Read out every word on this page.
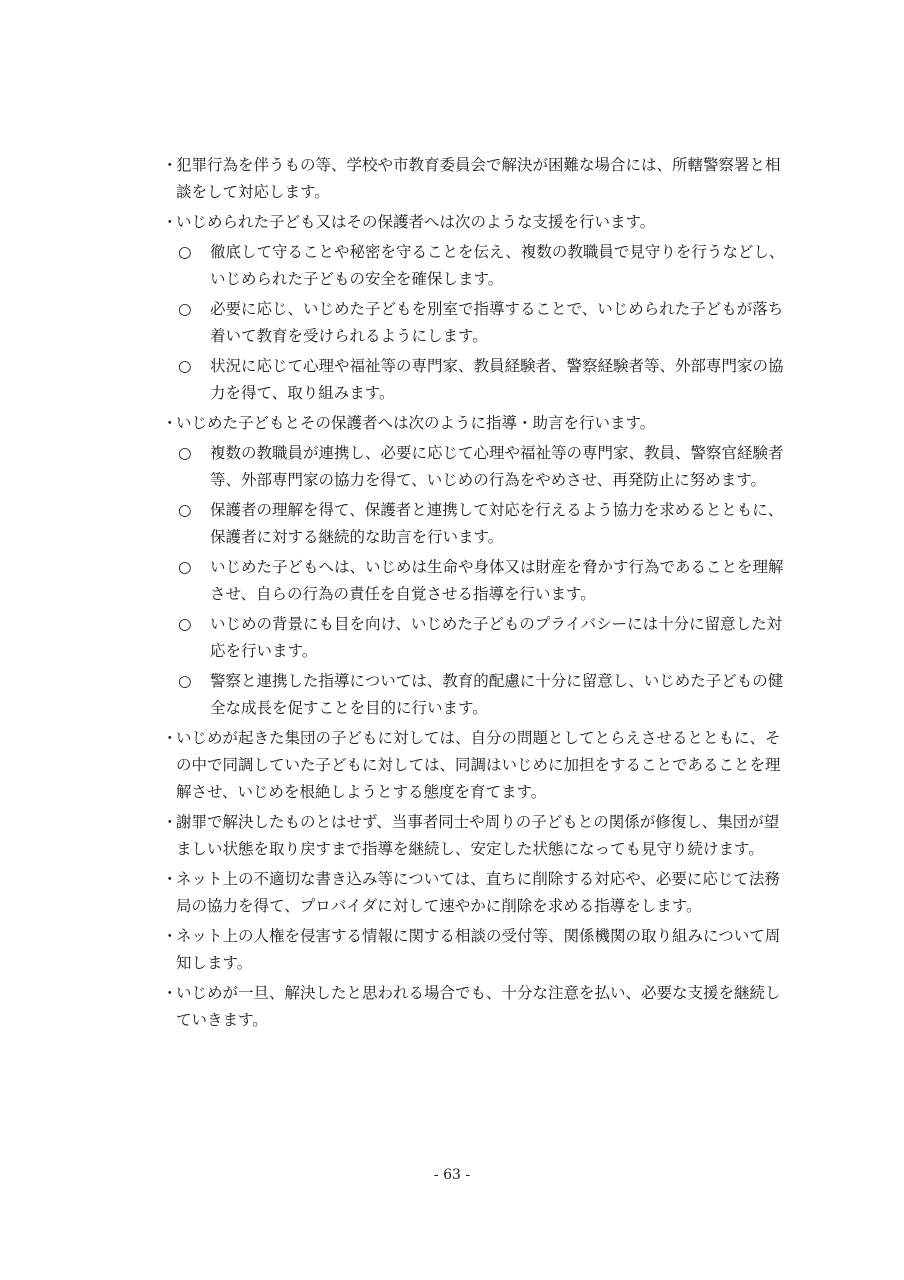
・
犯罪行為を伴うもの等、学校や市教育委員会で解決が困難な場合には、所轄警察署と相談をして対応します。
・
いじめられた子ども又はその保護者へは次のような支援を行います。
○	徹底して守ることや秘密を守ることを伝え、複数の教職員で見守りを行うなどし、いじめられた子どもの安全を確保します。
○	必要に応じ、いじめた子どもを別室で指導することで、いじめられた子どもが落ち着いて教育を受けられるようにします。
○	状況に応じて心理や福祉等の専門家、教員経験者、警察経験者等、外部専門家の協力を得て、取り組みます。
・
いじめた子どもとその保護者へは次のように指導・助言を行います。
○	複数の教職員が連携し、必要に応じて心理や福祉等の専門家、教員、警察官経験者等、外部専門家の協力を得て、いじめの行為をやめさせ、再発防止に努めます。
○	保護者の理解を得て、保護者と連携して対応を行えるよう協力を求めるとともに、保護者に対する継続的な助言を行います。
○	いじめた子どもへは、いじめは生命や身体又は財産を脅かす行為であることを理解させ、自らの行為の責任を自覚させる指導を行います。
○	いじめの背景にも目を向け、いじめた子どものプライバシーには十分に留意した対応を行います。
○	警察と連携した指導については、教育的配慮に十分に留意し、いじめた子どもの健全な成長を促すことを目的に行います。
・
いじめが起きた集団の子どもに対しては、自分の問題としてとらえさせるとともに、その中で同調していた子どもに対しては、同調はいじめに加担をすることであることを理解させ、いじめを根絶しようとする態度を育てます。
・
謝罪で解決したものとはせず、当事者同士や周りの子どもとの関係が修復し、集団が望ましい状態を取り戻すまで指導を継続し、安定した状態になっても見守り続けます。
・
ネット上の不適切な書き込み等については、直ちに削除する対応や、必要に応じて法務局の協力を得て、プロバイダに対して速やかに削除を求める指導をします。
・
ネット上の人権を侵害する情報に関する相談の受付等、関係機関の取り組みについて周知します。
・
いじめが一旦、解決したと思われる場合でも、十分な注意を払い、必要な支援を継続していきます。
- 63 -
